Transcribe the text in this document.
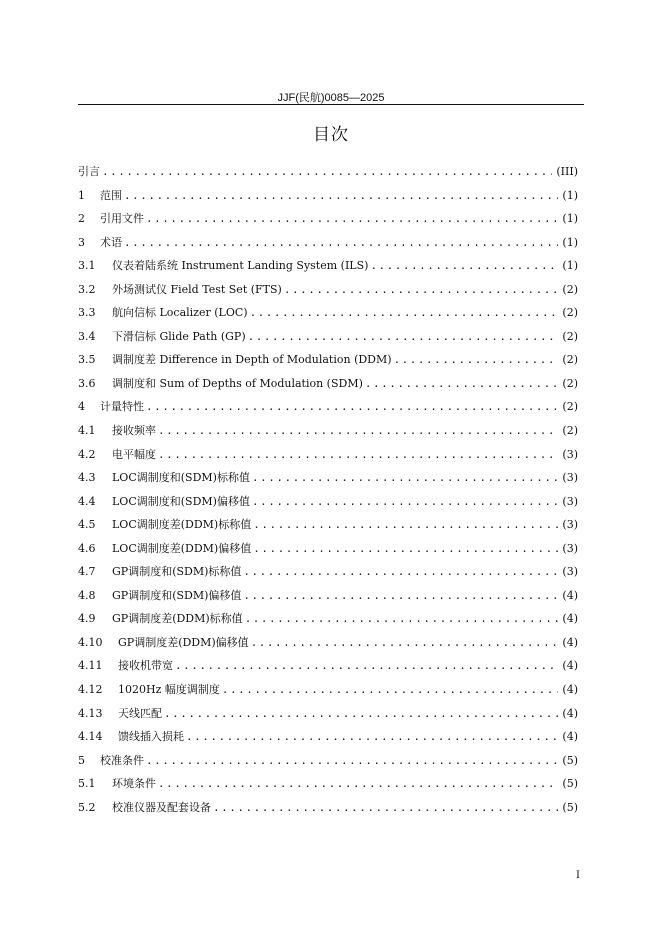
JJF(民航)0085—2025
目次
引言 .....	(III)
1	范围 .....	(1)
2	引用文件 .....	(1)
3	术语 .....	(1)
3.1	仪表着陆系统 Instrument Landing System (ILS) .....	(1)
3.2	外场测试仪 Field Test Set (FTS) .....	(2)
3.3	航向信标 Localizer (LOC) .....	(2)
3.4	下滑信标 Glide Path (GP) .....	(2)
3.5	调制度差 Difference in Depth of Modulation (DDM) .....	(2)
3.6	调制度和 Sum of Depths of Modulation (SDM) .....	(2)
4	计量特性 .....	(2)
4.1	接收频率 .....	(2)
4.2	电平幅度 .....	(3)
4.3	LOC调制度和(SDM)标称值 .....	(3)
4.4	LOC调制度和(SDM)偏移值 .....	(3)
4.5	LOC调制度差(DDM)标称值 .....	(3)
4.6	LOC调制度差(DDM)偏移值 .....	(3)
4.7	GP调制度和(SDM)标称值 .....	(3)
4.8	GP调制度和(SDM)偏移值 .....	(4)
4.9	GP调制度差(DDM)标称值 .....	(4)
4.10	GP调制度差(DDM)偏移值 .....	(4)
4.11	接收机带宽 .....	(4)
4.12	1020Hz 幅度调制度 .....	(4)
4.13	天线匹配 .....	(4)
4.14	馈线插入损耗 .....	(4)
5	校准条件 .....	(5)
5.1	环境条件 .....	(5)
5.2	校准仪器及配套设备 .....	(5)
I
